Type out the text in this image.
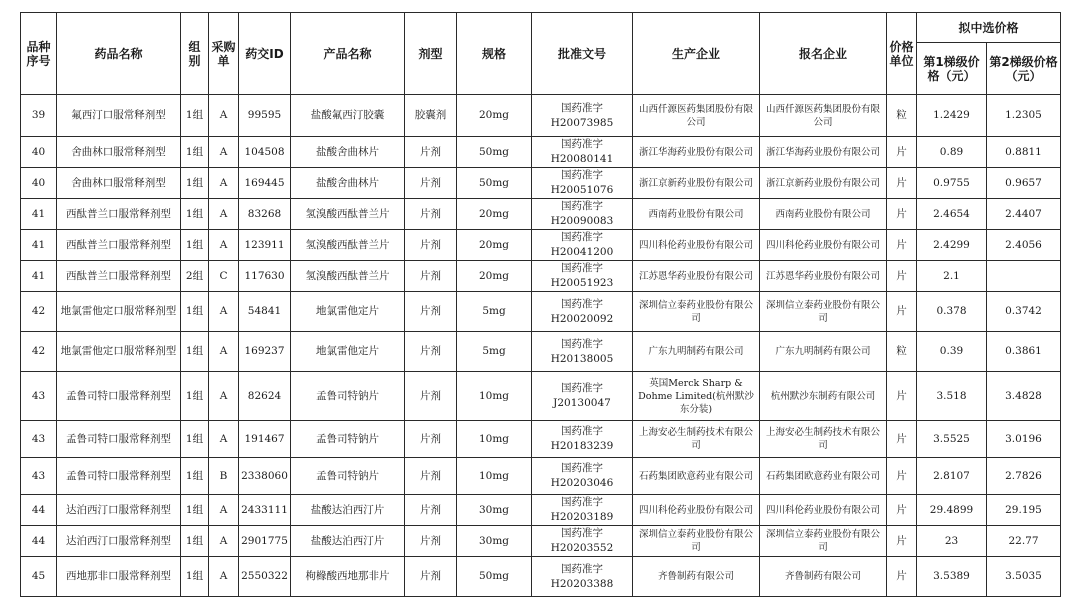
品种序号	药品名称	组别	采购单	药交ID	产品名称	剂型	规格	批准文号	生产企业	报名企业	价格单位	拟中选价格	
												第1梯级价格（元）	第2梯级价格（元）
39	氟西汀口服常释剂型	1组	A	99595	盐酸氟西汀胶囊	胶囊剂	20mg	国药准字H20073985	山西仟源医药集团股份有限公司	山西仟源医药集团股份有限公司	粒	1.2429	1.2305
40	舍曲林口服常释剂型	1组	A	104508	盐酸舍曲林片	片剂	50mg	国药准字H20080141	浙江华海药业股份有限公司	浙江华海药业股份有限公司	片	0.89	0.8811
40	舍曲林口服常释剂型	1组	A	169445	盐酸舍曲林片	片剂	50mg	国药准字H20051076	浙江京新药业股份有限公司	浙江京新药业股份有限公司	片	0.9755	0.9657
41	西酞普兰口服常释剂型	1组	A	83268	氢溴酸西酞普兰片	片剂	20mg	国药准字H20090083	西南药业股份有限公司	西南药业股份有限公司	片	2.4654	2.4407
41	西酞普兰口服常释剂型	1组	A	123911	氢溴酸西酞普兰片	片剂	20mg	国药准字H20041200	四川科伦药业股份有限公司	四川科伦药业股份有限公司	片	2.4299	2.4056
41	西酞普兰口服常释剂型	2组	C	117630	氢溴酸西酞普兰片	片剂	20mg	国药准字H20051923	江苏恩华药业股份有限公司	江苏恩华药业股份有限公司	片	2.1	
42	地氯雷他定口服常释剂型	1组	A	54841	地氯雷他定片	片剂	5mg	国药准字H20020092	深圳信立泰药业股份有限公司	深圳信立泰药业股份有限公司	片	0.378	0.3742
42	地氯雷他定口服常释剂型	1组	A	169237	地氯雷他定片	片剂	5mg	国药准字H20138005	广东九明制药有限公司	广东九明制药有限公司	粒	0.39	0.3861
43	孟鲁司特口服常释剂型	1组	A	82624	孟鲁司特钠片	片剂	10mg	国药准字J20130047	英国Merck Sharp & Dohme Limited(杭州默沙东分装)	杭州默沙东制药有限公司	片	3.518	3.4828
43	孟鲁司特口服常释剂型	1组	A	191467	孟鲁司特钠片	片剂	10mg	国药准字H20183239	上海安必生制药技术有限公司	上海安必生制药技术有限公司	片	3.5525	3.0196
43	孟鲁司特口服常释剂型	1组	B	2338060	孟鲁司特钠片	片剂	10mg	国药准字H20203046	石药集团欧意药业有限公司	石药集团欧意药业有限公司	片	2.8107	2.7826
44	达泊西汀口服常释剂型	1组	A	2433111	盐酸达泊西汀片	片剂	30mg	国药准字H20203189	四川科伦药业股份有限公司	四川科伦药业股份有限公司	片	29.4899	29.195
44	达泊西汀口服常释剂型	1组	A	2901775	盐酸达泊西汀片	片剂	30mg	国药准字H20203552	深圳信立泰药业股份有限公司	深圳信立泰药业股份有限公司	片	23	22.77
45	西地那非口服常释剂型	1组	A	2550322	枸橼酸西地那非片	片剂	50mg	国药准字H20203388	齐鲁制药有限公司	齐鲁制药有限公司	片	3.5389	3.5035
